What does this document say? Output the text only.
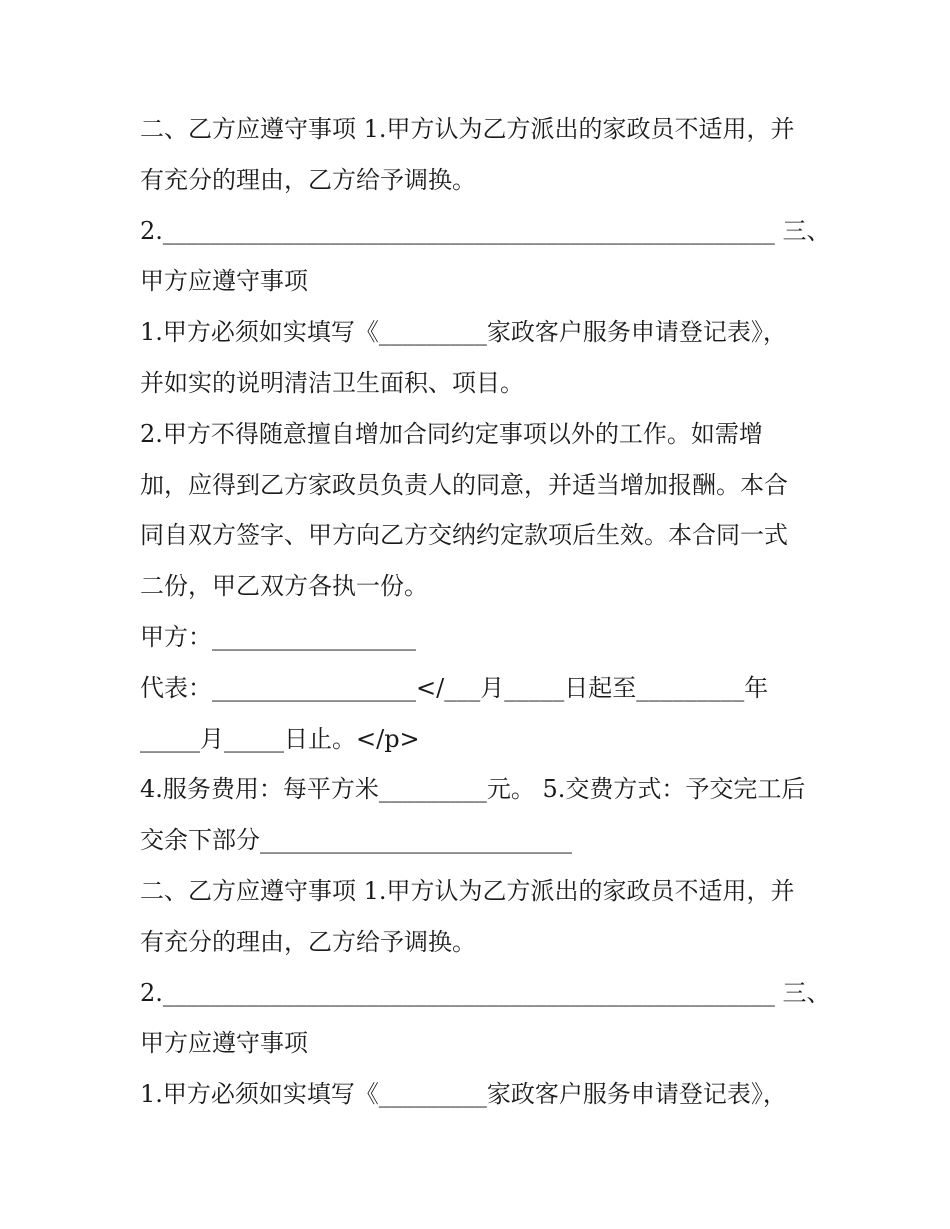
二、乙方应遵守事项 1.甲方认为乙方派出的家政员不适用，并
有充分的理由，乙方给予调换。
2.___________________________________________________ 三、
甲方应遵守事项
1.甲方必须如实填写《_________家政客户服务申请登记表》，
并如实的说明清洁卫生面积、项目。
2.甲方不得随意擅自增加合同约定事项以外的工作。如需增
加，应得到乙方家政员负责人的同意，并适当增加报酬。本合
同自双方签字、甲方向乙方交纳约定款项后生效。本合同一式
二份，甲乙双方各执一份。
甲方：_________________
代表：_________________</___月_____日起至_________年
_____月_____日止。</p>
4.服务费用：每平方米_________元。 5.交费方式：予交完工后
交余下部分__________________________
二、乙方应遵守事项 1.甲方认为乙方派出的家政员不适用，并
有充分的理由，乙方给予调换。
2.___________________________________________________ 三、
甲方应遵守事项
1.甲方必须如实填写《_________家政客户服务申请登记表》，
